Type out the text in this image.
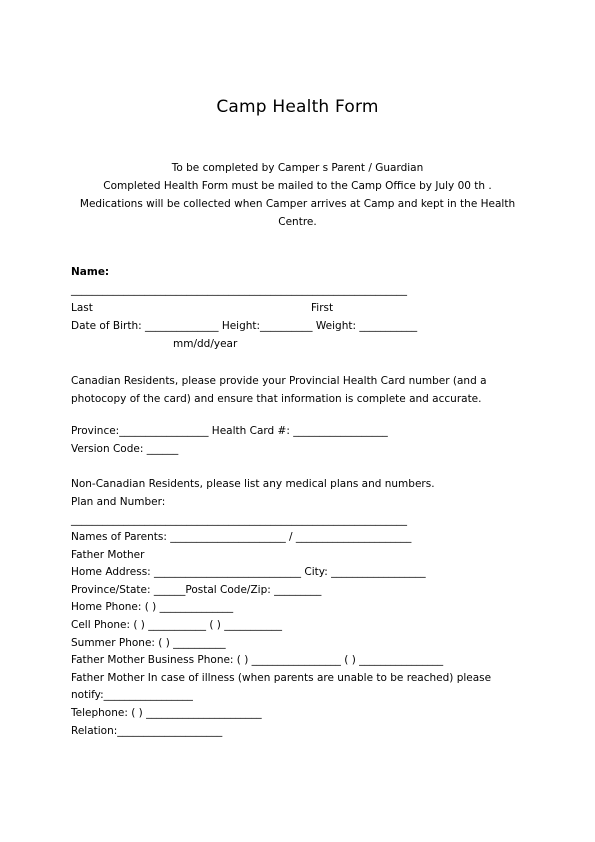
Camp Health Form
To be completed by Camper s Parent / Guardian
Completed Health Form must be mailed to the Camp Office by July 00 th .
Medications will be collected when Camper arrives at Camp and kept in the Health Centre.
Name:
________________________________________________________________
Last	First
Date of Birth: ______________ Height:__________ Weight: ___________
mm/dd/year
Canadian Residents, please provide your Provincial Health Card number (and a photocopy of the card) and ensure that information is complete and accurate.
Province:_________________ Health Card #: __________________
Version Code: ______
Non-Canadian Residents, please list any medical plans and numbers.
Plan and Number:
________________________________________________________________
Names of Parents: ______________________ / ______________________
Father Mother
Home Address: ____________________________ City: __________________
Province/State: ______Postal Code/Zip: _________
Home Phone: ( ) ______________
Cell Phone: ( ) ___________ ( ) ___________
Summer Phone: ( ) __________
Father Mother Business Phone: ( ) _________________ ( ) ________________
Father Mother In case of illness (when parents are unable to be reached) please
notify:_________________
Telephone: ( ) ______________________
Relation:____________________
